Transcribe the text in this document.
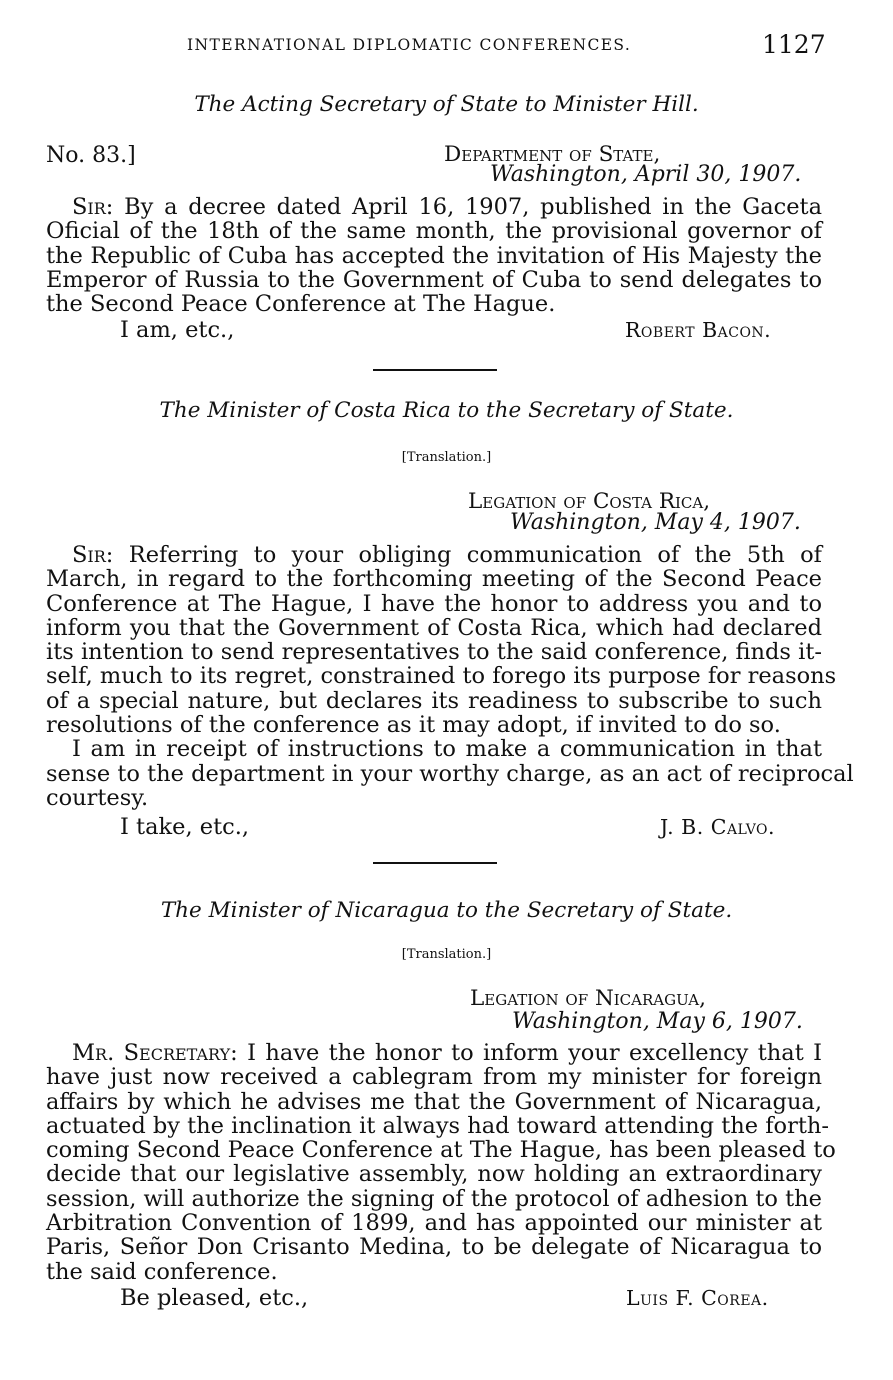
INTERNATIONAL DIPLOMATIC CONFERENCES.	1127
The Acting Secretary of State to Minister Hill.
No. 83.]	Department of State,
Washington, April 30, 1907.
Sir: By a decree dated April 16, 1907, published in the Gaceta
Oficial of the 18th of the same month, the provisional governor of
the Republic of Cuba has accepted the invitation of His Majesty the
Emperor of Russia to the Government of Cuba to send delegates to
the Second Peace Conference at The Hague.
I am, etc.,	Robert Bacon.
The Minister of Costa Rica to the Secretary of State.
[Translation.]
Legation of Costa Rica,
Washington, May 4, 1907.
Sir: Referring to your obliging communication of the 5th of
March, in regard to the forthcoming meeting of the Second Peace
Conference at The Hague, I have the honor to address you and to
inform you that the Government of Costa Rica, which had declared
its intention to send representatives to the said conference, finds it-
self, much to its regret, constrained to forego its purpose for reasons
of a special nature, but declares its readiness to subscribe to such
resolutions of the conference as it may adopt, if invited to do so.
I am in receipt of instructions to make a communication in that
sense to the department in your worthy charge, as an act of reciprocal
courtesy.
I take, etc.,	J. B. Calvo.
The Minister of Nicaragua to the Secretary of State.
[Translation.]
Legation of Nicaragua,
Washington, May 6, 1907.
Mr. Secretary: I have the honor to inform your excellency that I
have just now received a cablegram from my minister for foreign
affairs by which he advises me that the Government of Nicaragua,
actuated by the inclination it always had toward attending the forth-
coming Second Peace Conference at The Hague, has been pleased to
decide that our legislative assembly, now holding an extraordinary
session, will authorize the signing of the protocol of adhesion to the
Arbitration Convention of 1899, and has appointed our minister at
Paris, Señor Don Crisanto Medina, to be delegate of Nicaragua to
the said conference.
Be pleased, etc.,	Luis F. Corea.
